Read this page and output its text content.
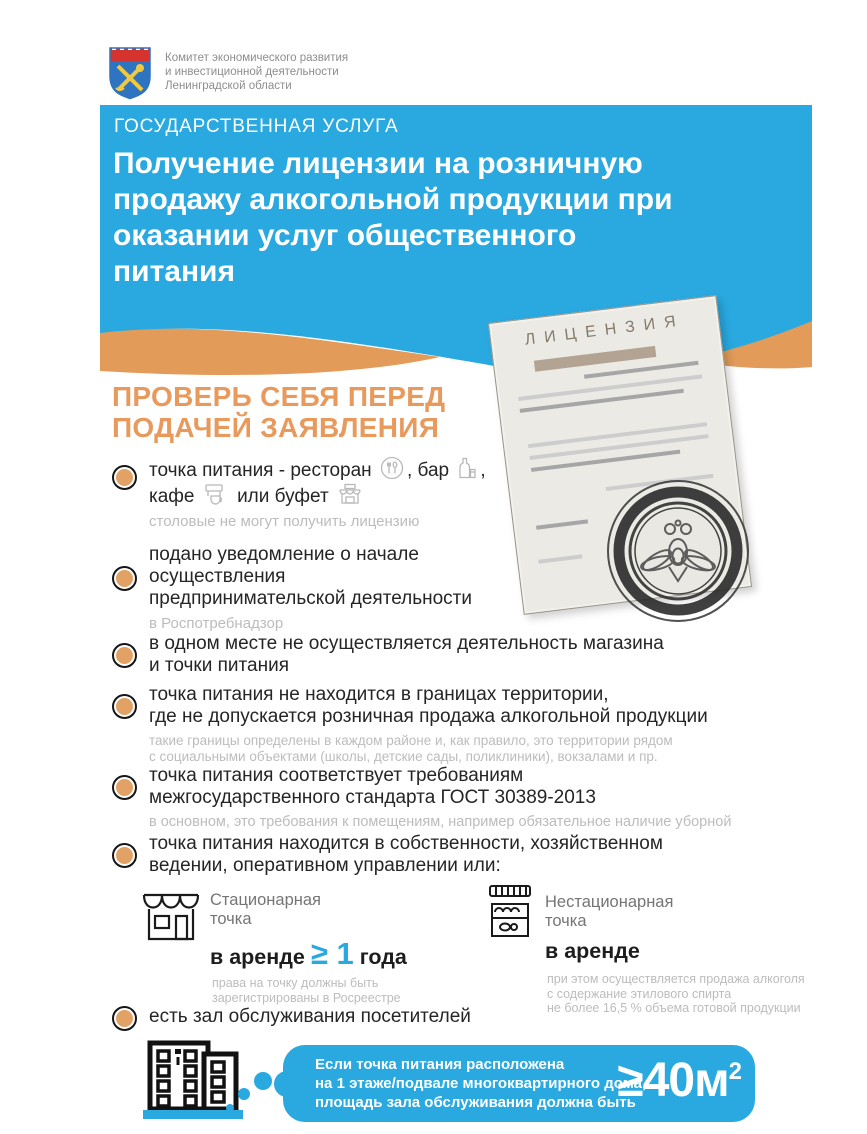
Комитет экономического развития
и инвестиционной деятельности
Ленинградской области
ГОСУДАРСТВЕННАЯ УСЛУГА
Получение лицензии на розничную
продажу алкогольной продукции при
оказании услуг общественного
питания
ЛИЦЕНЗИЯ
ПРОВЕРЬ СЕБЯ ПЕРЕД
ПОДАЧЕЙ ЗАЯВЛЕНИЯ
точка питания - ресторан , бар ,
кафе или буфет
столовые не могут получить лицензию
подано уведомление о начале
осуществления
предпринимательской деятельности
в Роспотребнадзор
в одном месте не осуществляется деятельность магазина
и точки питания
точка питания не находится в границах территории,
где не допускается розничная продажа алкогольной продукции
такие границы определены в каждом районе и, как правило, это территории рядом
с социальными объектами (школы, детские сады, поликлиники), вокзалами и пр.
точка питания соответствует требованиям
межгосударственного стандарта ГОСТ 30389-2013
в основном, это требования к помещениям, например обязательное наличие уборной
точка питания находится в собственности, хозяйственном
ведении, оперативном управлении или:
Стационарная
точка
в аренде ≥ 1 года
права на точку должны быть
зарегистрированы в Росреестре
Нестационарная
точка
в аренде
при этом осуществляется продажа алкоголя
с содержание этилового спирта
не более 16,5 % объема готовой продукции
есть зал обслуживания посетителей
Если точка питания расположена
на 1 этаже/подвале многоквартирного дома,
площадь зала обслуживания должна быть
$\ge 40м^2$
